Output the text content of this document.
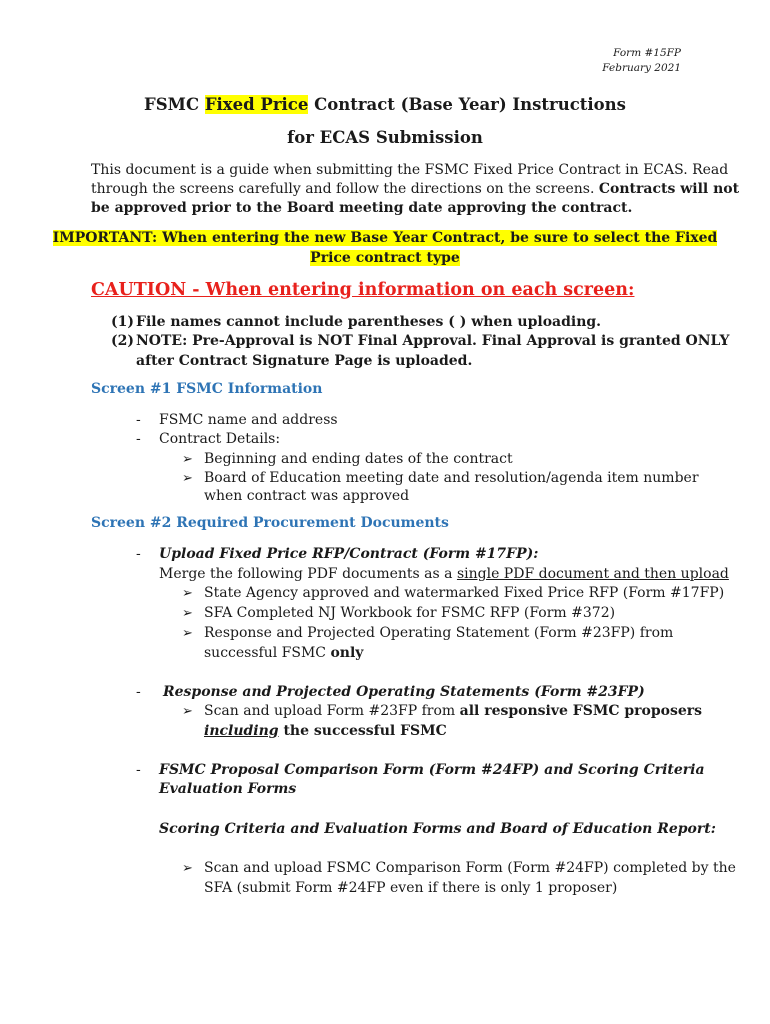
Form #15FP
February 2021
FSMC Fixed Price Contract (Base Year) Instructions
for ECAS Submission
This document is a guide when submitting the FSMC Fixed Price Contract in ECAS. Read
through the screens carefully and follow the directions on the screens. Contracts will not
be approved prior to the Board meeting date approving the contract.
IMPORTANT: When entering the new Base Year Contract, be sure to select the Fixed
Price contract type
CAUTION - When entering information on each screen:
(1) File names cannot include parentheses ( ) when uploading.
(2) NOTE: Pre-Approval is NOT Final Approval. Final Approval is granted ONLY
after Contract Signature Page is uploaded.
Screen #1 FSMC Information
- FSMC name and address
- Contract Details:
➢ Beginning and ending dates of the contract
➢ Board of Education meeting date and resolution/agenda item number
when contract was approved
Screen #2 Required Procurement Documents
- Upload Fixed Price RFP/Contract (Form #17FP):
Merge the following PDF documents as a single PDF document and then upload
➢ State Agency approved and watermarked Fixed Price RFP (Form #17FP)
➢ SFA Completed NJ Workbook for FSMC RFP (Form #372)
➢ Response and Projected Operating Statement (Form #23FP) from
successful FSMC only
- Response and Projected Operating Statements (Form #23FP)
➢ Scan and upload Form #23FP from all responsive FSMC proposers
including the successful FSMC
- FSMC Proposal Comparison Form (Form #24FP) and Scoring Criteria
Evaluation Forms
Scoring Criteria and Evaluation Forms and Board of Education Report:
➢ Scan and upload FSMC Comparison Form (Form #24FP) completed by the
SFA (submit Form #24FP even if there is only 1 proposer)
